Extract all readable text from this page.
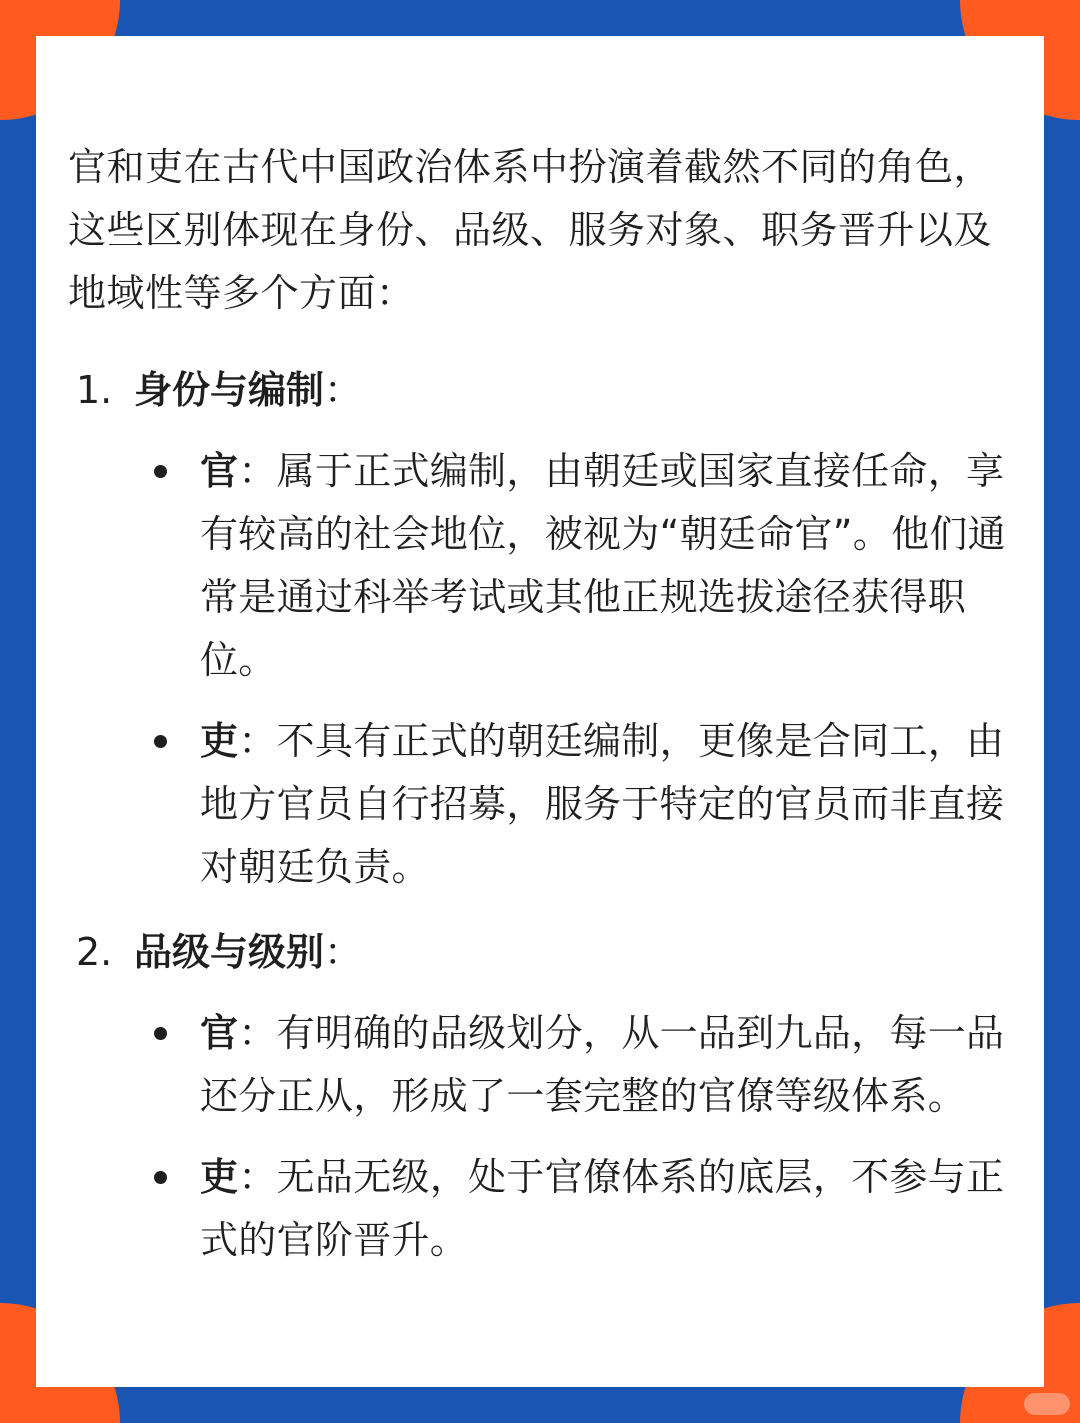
官和吏在古代中国政治体系中扮演着截然不同的角色，这些区别体现在身份、品级、服务对象、职务晋升以及地域性等多个方面：

1. 身份与编制 ：
官：属于正式编制，由朝廷或国家直接任命，享有较高的社会地位，被视为“朝廷命官”。他们通常是通过科举考试或其他正规选拔途径获得职位。
吏：不具有正式的朝廷编制，更像是合同工，由地方官员自行招募，服务于特定的官员而非直接对朝廷负责。
2. 品级与级别 ：
官：有明确的品级划分，从一品到九品，每一品还分正从，形成了一套完整的官僚等级体系。
吏：无品无级，处于官僚体系的底层，不参与正式的官阶晋升。
